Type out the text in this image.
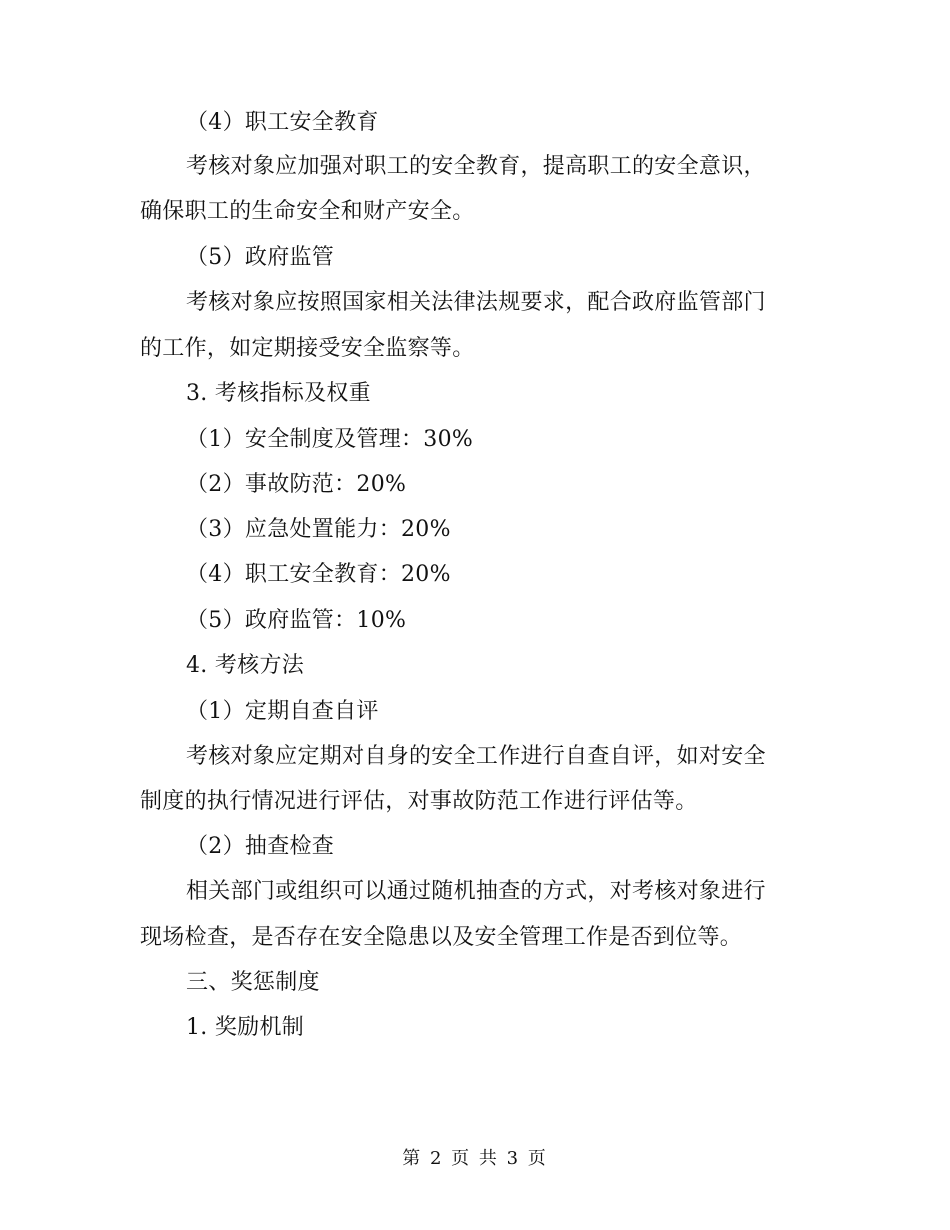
（4）职工安全教育
考核对象应加强对职工的安全教育，提高职工的安全意识，
确保职工的生命安全和财产安全。
（5）政府监管
考核对象应按照国家相关法律法规要求，配合政府监管部门
的工作，如定期接受安全监察等。
3. 考核指标及权重
（1）安全制度及管理：30%
（2）事故防范：20%
（3）应急处置能力：20%
（4）职工安全教育：20%
（5）政府监管：10%
4. 考核方法
（1）定期自查自评
考核对象应定期对自身的安全工作进行自查自评，如对安全
制度的执行情况进行评估，对事故防范工作进行评估等。
（2）抽查检查
相关部门或组织可以通过随机抽查的方式，对考核对象进行
现场检查，是否存在安全隐患以及安全管理工作是否到位等。
三、奖惩制度
1. 奖励机制
第 2 页 共 3 页
